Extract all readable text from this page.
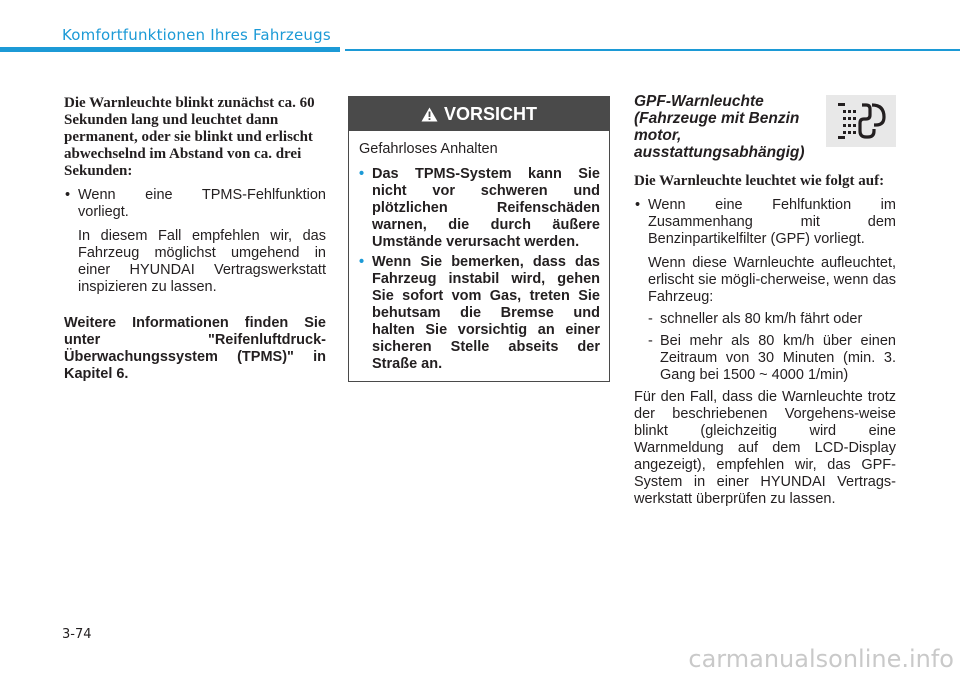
Komfortfunktionen Ihres Fahrzeugs

Die Warnleuchte blinkt zunächst ca. 60 Sekunden lang und leuchtet dann permanent, oder sie blinkt und erlischt abwechselnd im Abstand von ca. drei Sekunden:

• Wenn eine TPMS-Fehlfunktion vorliegt.

In diesem Fall empfehlen wir, das Fahrzeug möglichst umgehend in einer HYUNDAI Vertragswerkstatt inspizieren zu lassen.

Weitere Informationen finden Sie unter "Reifenluftdruck-Überwachungssystem (TPMS)" in Kapitel 6.

VORSICHT

Gefahrloses Anhalten

• Das TPMS-System kann Sie nicht vor schweren und plötzlichen Reifenschäden warnen, die durch äußere Umstände verursacht werden.

• Wenn Sie bemerken, dass das Fahrzeug instabil wird, gehen Sie sofort vom Gas, treten Sie behutsam die Bremse und halten Sie vorsichtig an einer sicheren Stelle abseits der Straße an.

GPF-Warnleuchte
(Fahrzeuge mit Benzin motor,
ausstattungsabhängig)

Die Warnleuchte leuchtet wie folgt auf:

• Wenn eine Fehlfunktion im Zusammenhang mit dem Benzinpartikelfilter (GPF) vorliegt.

Wenn diese Warnleuchte aufleuchtet, erlischt sie mögli-cherweise, wenn das Fahrzeug:

- schneller als 80 km/h fährt oder

- Bei mehr als 80 km/h über einen Zeitraum von 30 Minuten (min. 3. Gang bei 1500 ~ 4000 1/min)

Für den Fall, dass die Warnleuchte trotz der beschriebenen Vorgehens-weise blinkt (gleichzeitig wird eine Warnmeldung auf dem LCD-Display angezeigt), empfehlen wir, das GPF-System in einer HYUNDAI Vertrags-werkstatt überprüfen zu lassen.

3-74
carmanualsonline.info
